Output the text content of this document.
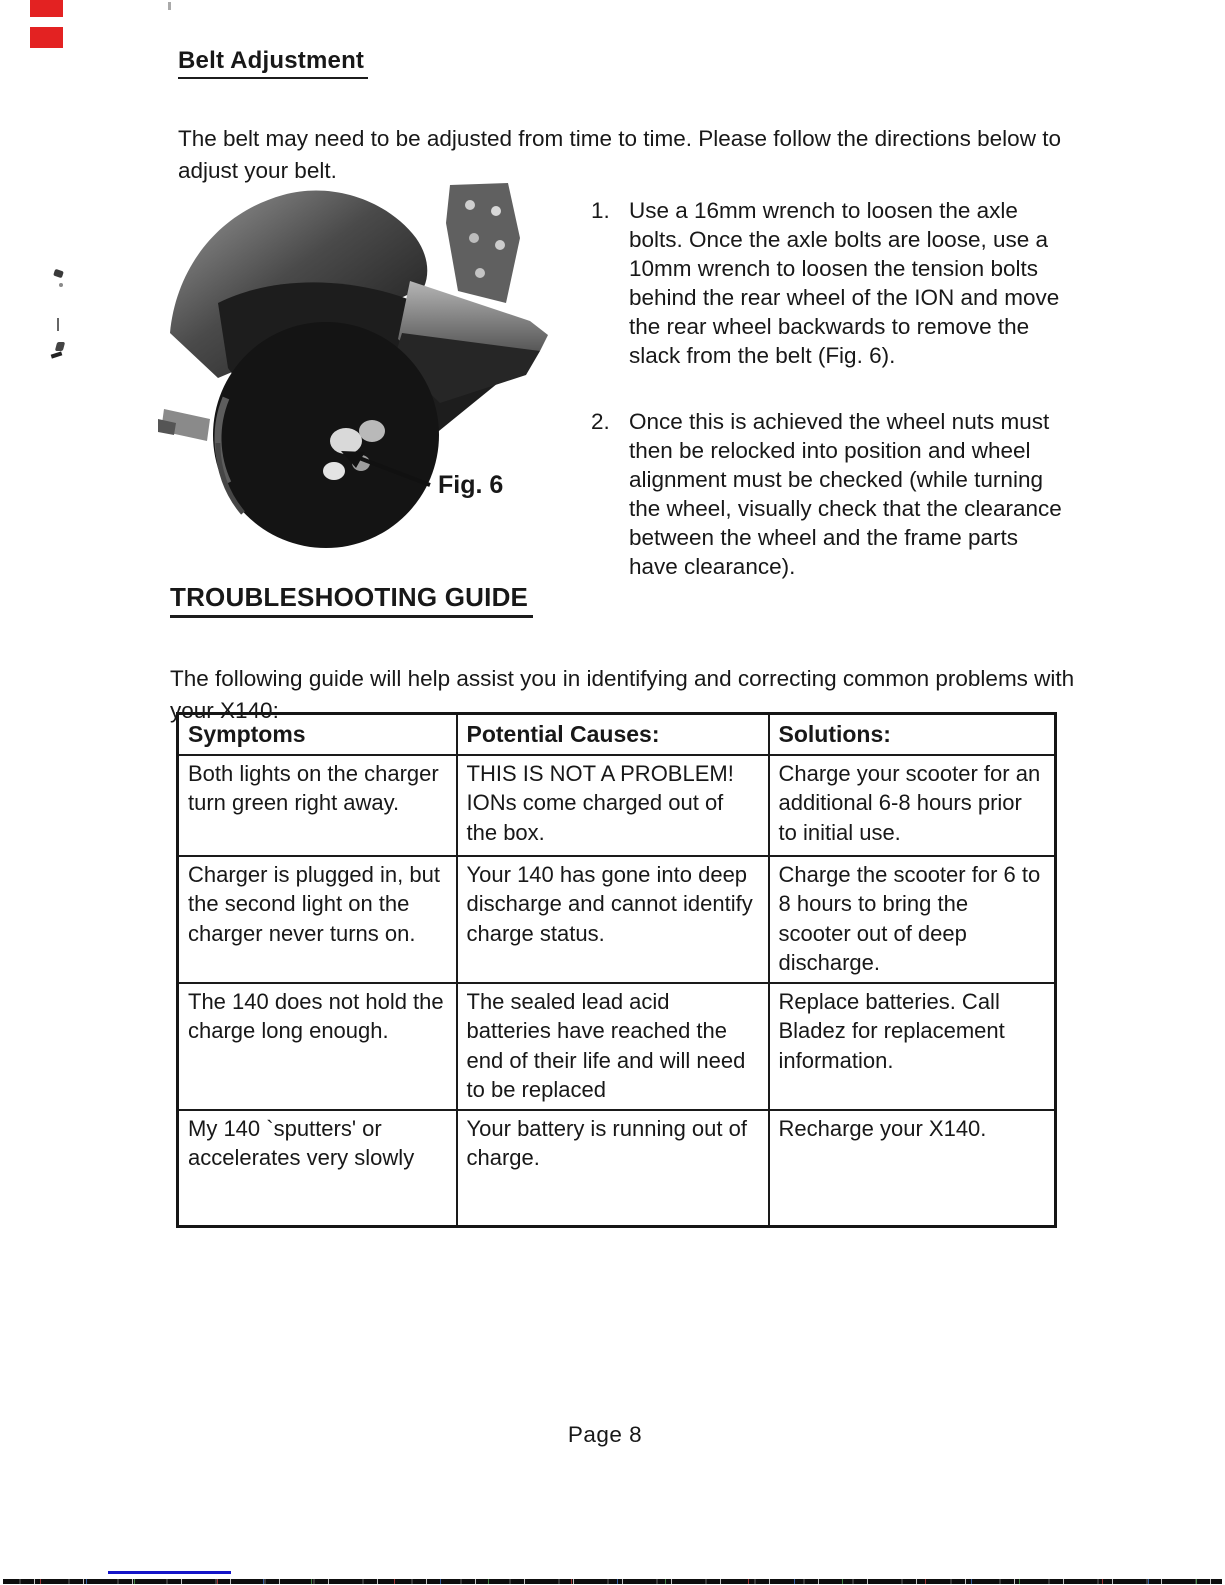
Belt Adjustment

The belt may need to be adjusted from time to time. Please follow the directions below to adjust your belt.

Fig. 6
1. Use a 16mm wrench to loosen the axle bolts. Once the axle bolts are loose, use a 10mm wrench to loosen the tension bolts behind the rear wheel of the ION and move the rear wheel backwards to remove the slack from the belt (Fig. 6).
2. Once this is achieved the wheel nuts must then be relocked into position and wheel alignment must be checked (while turning the wheel, visually check that the clearance between the wheel and the frame parts have clearance).
TROUBLESHOOTING GUIDE

The following guide will help assist you in identifying and correcting common problems with your X140:

Symptoms	Potential Causes:	Solutions:
Both lights on the charger turn green right away.	THIS IS NOT A PROBLEM! IONs come charged out of the box.	Charge your scooter for an additional 6-8 hours prior to initial use.
Charger is plugged in, but the second light on the charger never turns on.	Your 140 has gone into deep discharge and cannot identify charge status.	Charge the scooter for 6 to 8 hours to bring the scooter out of deep discharge.
The 140 does not hold the charge long enough.	The sealed lead acid batteries have reached the end of their life and will need to be replaced	Replace batteries. Call Bladez for replacement information.
My 140 `sputters' or accelerates very slowly	Your battery is running out of charge.	Recharge your X140.
Page 8
